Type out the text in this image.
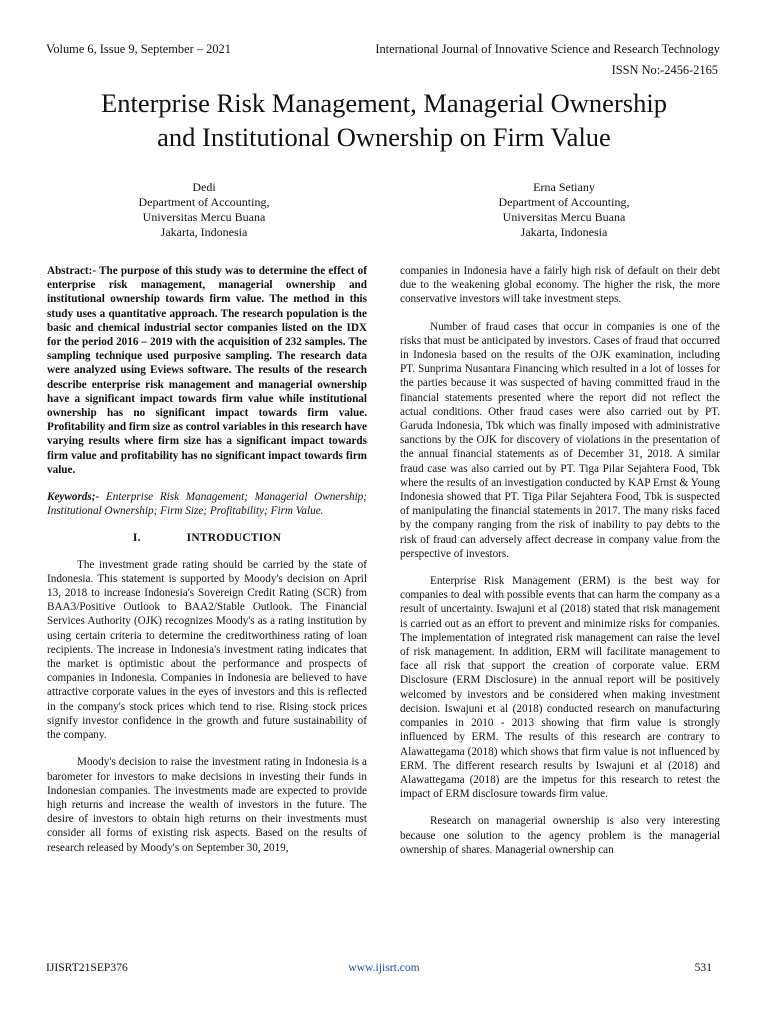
Volume 6, Issue 9, September – 2021	International Journal of Innovative Science and Research Technology
ISSN No:-2456-2165
Enterprise Risk Management, Managerial Ownership
and Institutional Ownership on Firm Value
Dedi
Department of Accounting,
Universitas Mercu Buana
Jakarta, Indonesia
Erna Setiany
Department of Accounting,
Universitas Mercu Buana
Jakarta, Indonesia

Abstract:- The purpose of this study was to determine the effect of enterprise risk management, managerial ownership and institutional ownership towards firm value. The method in this study uses a quantitative approach. The research population is the basic and chemical industrial sector companies listed on the IDX for the period 2016 – 2019 with the acquisition of 232 samples. The sampling technique used purposive sampling. The research data were analyzed using Eviews software. The results of the research describe enterprise risk management and managerial ownership have a significant impact towards firm value while institutional ownership has no significant impact towards firm value. Profitability and firm size as control variables in this research have varying results where firm size has a significant impact towards firm value and profitability has no significant impact towards firm value.

Keywords;- Enterprise Risk Management; Managerial Ownership; Institutional Ownership; Firm Size; Profitability; Firm Value.

I.	INTRODUCTION

The investment grade rating should be carried by the state of Indonesia. This statement is supported by Moody's decision on April 13, 2018 to increase Indonesia's Sovereign Credit Rating (SCR) from BAA3/Positive Outlook to BAA2/Stable Outlook. The Financial Services Authority (OJK) recognizes Moody's as a rating institution by using certain criteria to determine the creditworthiness rating of loan recipients. The increase in Indonesia's investment rating indicates that the market is optimistic about the performance and prospects of companies in Indonesia. Companies in Indonesia are believed to have attractive corporate values in the eyes of investors and this is reflected in the company's stock prices which tend to rise. Rising stock prices signify investor confidence in the growth and future sustainability of the company.

Moody's decision to raise the investment rating in Indonesia is a barometer for investors to make decisions in investing their funds in Indonesian companies. The investments made are expected to provide high returns and increase the wealth of investors in the future. The desire of investors to obtain high returns on their investments must consider all forms of existing risk aspects. Based on the results of research released by Moody's on September 30, 2019,

companies in Indonesia have a fairly high risk of default on their debt due to the weakening global economy. The higher the risk, the more conservative investors will take investment steps.

Number of fraud cases that occur in companies is one of the risks that must be anticipated by investors. Cases of fraud that occurred in Indonesia based on the results of the OJK examination, including PT. Sunprima Nusantara Financing which resulted in a lot of losses for the parties because it was suspected of having committed fraud in the financial statements presented where the report did not reflect the actual conditions. Other fraud cases were also carried out by PT. Garuda Indonesia, Tbk which was finally imposed with administrative sanctions by the OJK for discovery of violations in the presentation of the annual financial statements as of December 31, 2018. A similar fraud case was also carried out by PT. Tiga Pilar Sejahtera Food, Tbk where the results of an investigation conducted by KAP Ernst & Young Indonesia showed that PT. Tiga Pilar Sejahtera Food, Tbk is suspected of manipulating the financial statements in 2017. The many risks faced by the company ranging from the risk of inability to pay debts to the risk of fraud can adversely affect decrease in company value from the perspective of investors.

Enterprise Risk Management (ERM) is the best way for companies to deal with possible events that can harm the company as a result of uncertainty. Iswajuni et al (2018) stated that risk management is carried out as an effort to prevent and minimize risks for companies. The implementation of integrated risk management can raise the level of risk management. In addition, ERM will facilitate management to face all risk that support the creation of corporate value. ERM Disclosure (ERM Disclosure) in the annual report will be positively welcomed by investors and be considered when making investment decision. Iswajuni et al (2018) conducted research on manufacturing companies in 2010 - 2013 showing that firm value is strongly influenced by ERM. The results of this research are contrary to Alawattegama (2018) which shows that firm value is not influenced by ERM. The different research results by Iswajuni et al (2018) and Alawattegama (2018) are the impetus for this research to retest the impact of ERM disclosure towards firm value.

Research on managerial ownership is also very interesting because one solution to the agency problem is the managerial ownership of shares. Managerial ownership can

IJISRT21SEP376	www.ijisrt.com	531
